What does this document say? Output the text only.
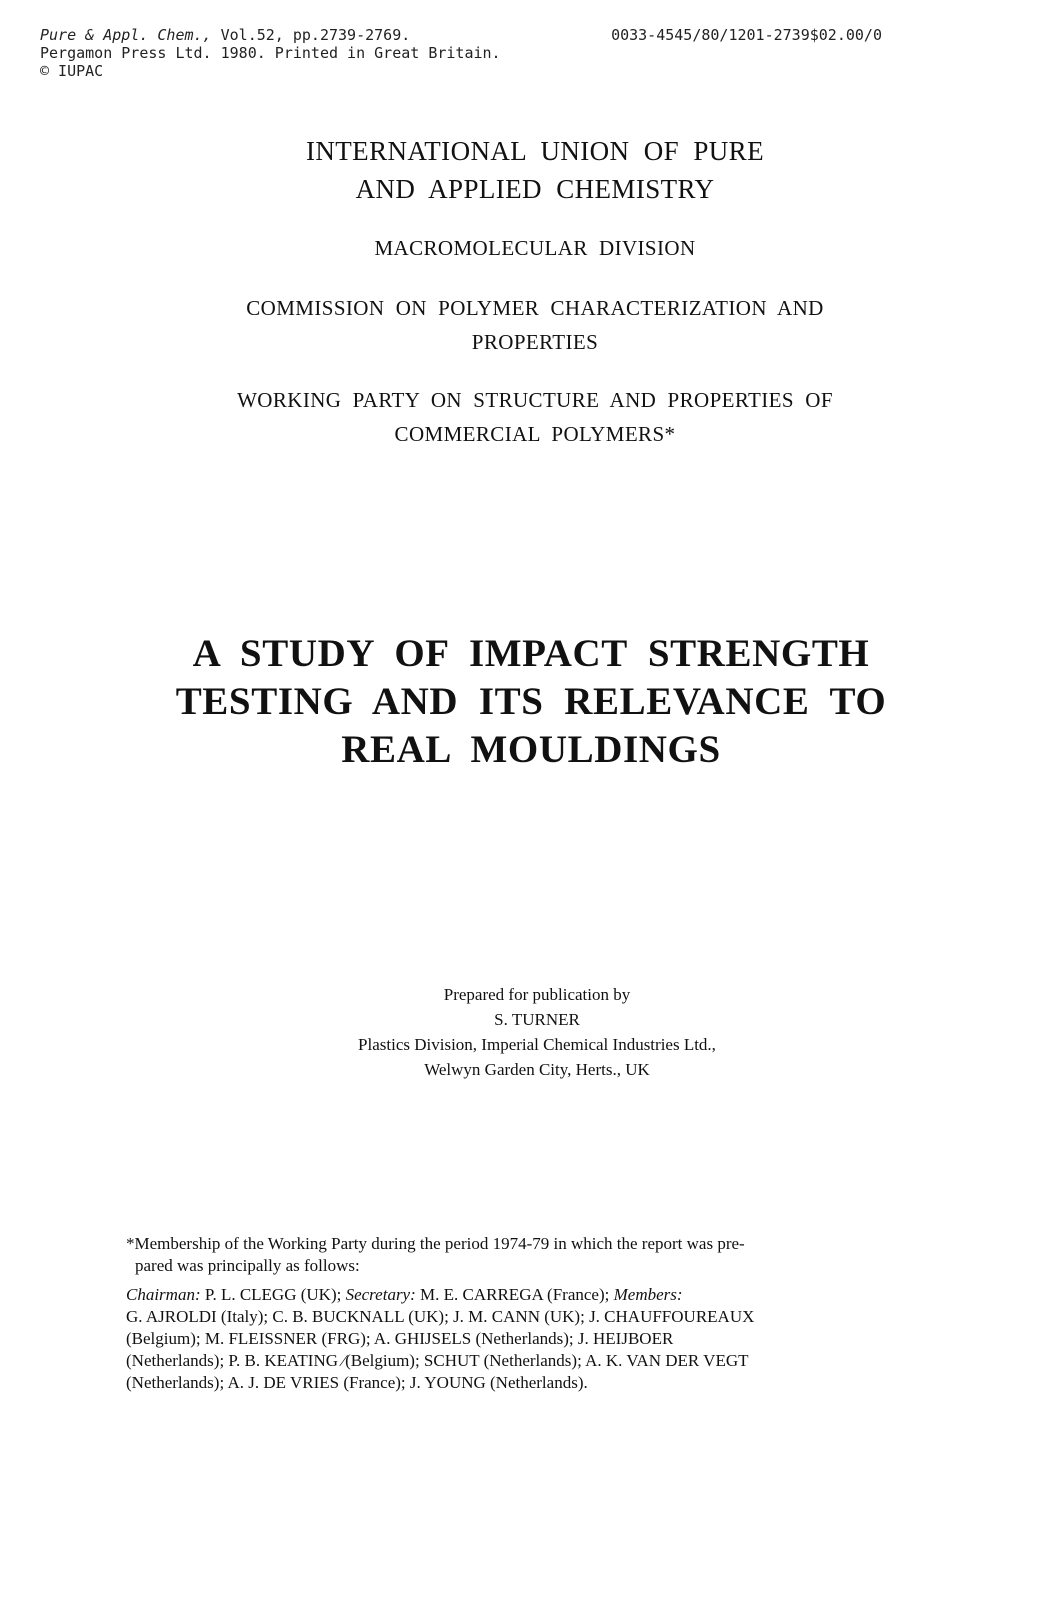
Pure & Appl. Chem., Vol.52, pp.2739-2769.
Pergamon Press Ltd. 1980. Printed in Great Britain.
© IUPAC
0033-4545/80/1201-2739$02.00/0
INTERNATIONAL  UNION  OF  PURE
AND  APPLIED  CHEMISTRY
MACROMOLECULAR  DIVISION
COMMISSION  ON  POLYMER  CHARACTERIZATION  AND
PROPERTIES
WORKING  PARTY  ON  STRUCTURE  AND  PROPERTIES  OF
COMMERCIAL  POLYMERS*
A  STUDY  OF  IMPACT  STRENGTH
TESTING  AND  ITS  RELEVANCE  TO
REAL  MOULDINGS
Prepared for publication by
S. TURNER
Plastics Division, Imperial Chemical Industries Ltd.,
Welwyn Garden City, Herts., UK
*Membership of the Working Party during the period 1974-79 in which the report was pre-
pared was principally as follows:
Chairman: P. L. CLEGG (UK); Secretary: M. E. CARREGA (France); Members:
G. AJROLDI (Italy); C. B. BUCKNALL (UK); J. M. CANN (UK); J. CHAUFFOUREAUX
(Belgium); M. FLEISSNER (FRG); A. GHIJSELS (Netherlands); J. HEIJBOER
(Netherlands); P. B. KEATING ⁄(Belgium); SCHUT (Netherlands); A. K. VAN DER VEGT
(Netherlands); A. J. DE VRIES (France); J. YOUNG (Netherlands).
